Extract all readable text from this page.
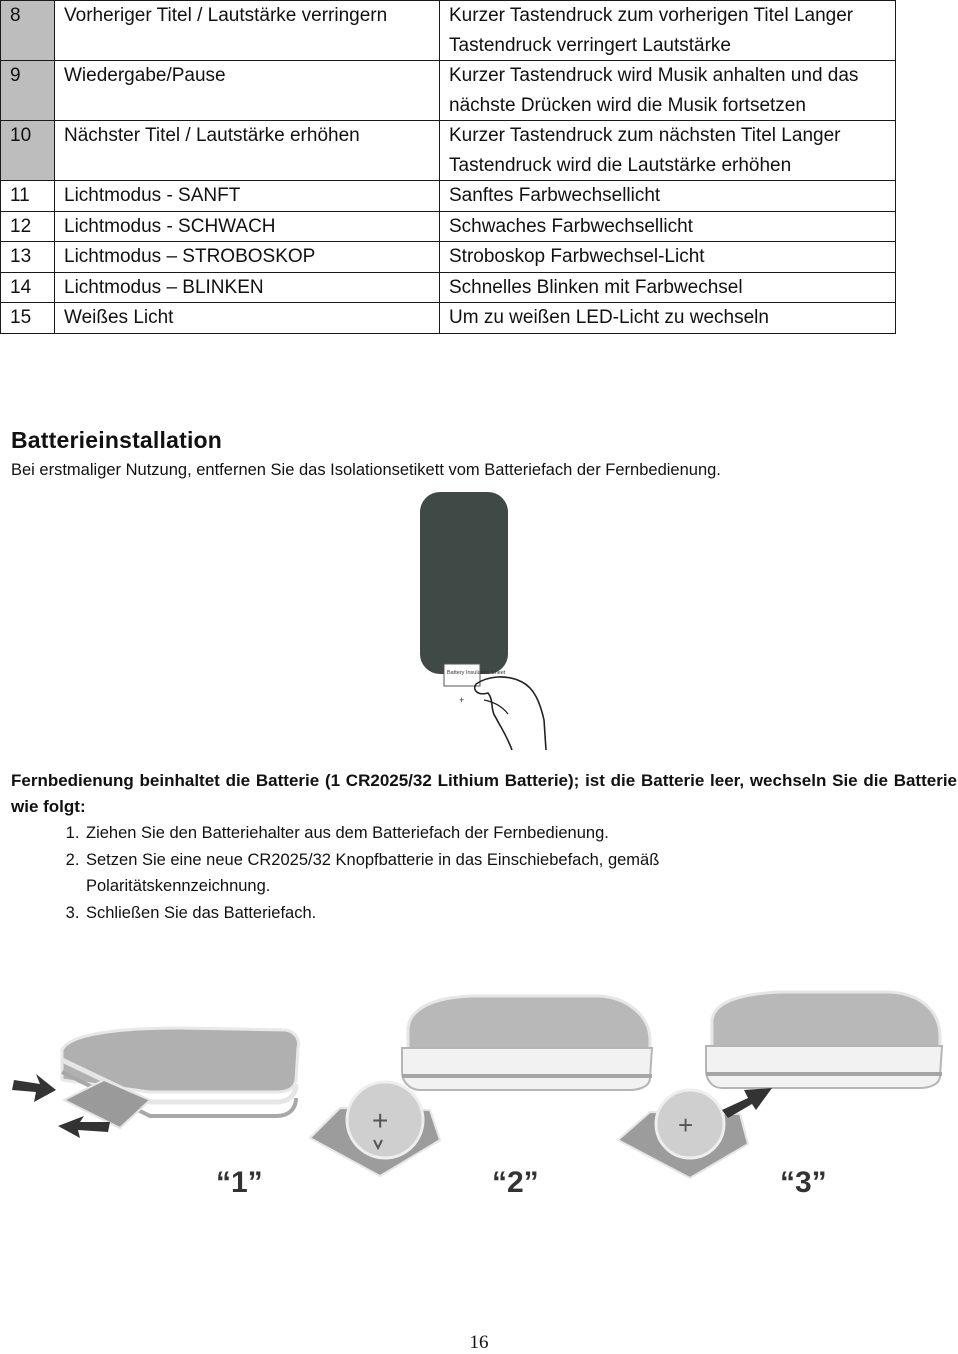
8	Vorheriger Titel / Lautstärke verringern	Kurzer Tastendruck zum vorherigen Titel Langer Tastendruck verringert Lautstärke
9	Wiedergabe/Pause	Kurzer Tastendruck wird Musik anhalten und das nächste Drücken wird die Musik fortsetzen
10	Nächster Titel / Lautstärke erhöhen	Kurzer Tastendruck zum nächsten Titel Langer Tastendruck wird die Lautstärke erhöhen
11	Lichtmodus - SANFT	Sanftes Farbwechsellicht
12	Lichtmodus - SCHWACH	Schwaches Farbwechsellicht
13	Lichtmodus – STROBOSKOP	Stroboskop Farbwechsel-Licht
14	Lichtmodus – BLINKEN	Schnelles Blinken mit Farbwechsel
15	Weißes Licht	Um zu weißen LED-Licht zu wechseln
Batterieinstallation
Bei erstmaliger Nutzung, entfernen Sie das Isolationsetikett vom Batteriefach der Fernbedienung.
Battery Insulation Sheet
+
Fernbedienung beinhaltet die Batterie (1 CR2025/32 Lithium Batterie); ist die Batterie leer, wechseln Sie die Batterie wie folgt:
1. Ziehen Sie den Batteriehalter aus dem Batteriefach der Fernbedienung.
2. Setzen Sie eine neue CR2025/32 Knopfbatterie in das Einschiebefach, gemäß Polaritätskennzeichnung.
3. Schließen Sie das Batteriefach.
“1”
+
“2”
+
“3”
16
